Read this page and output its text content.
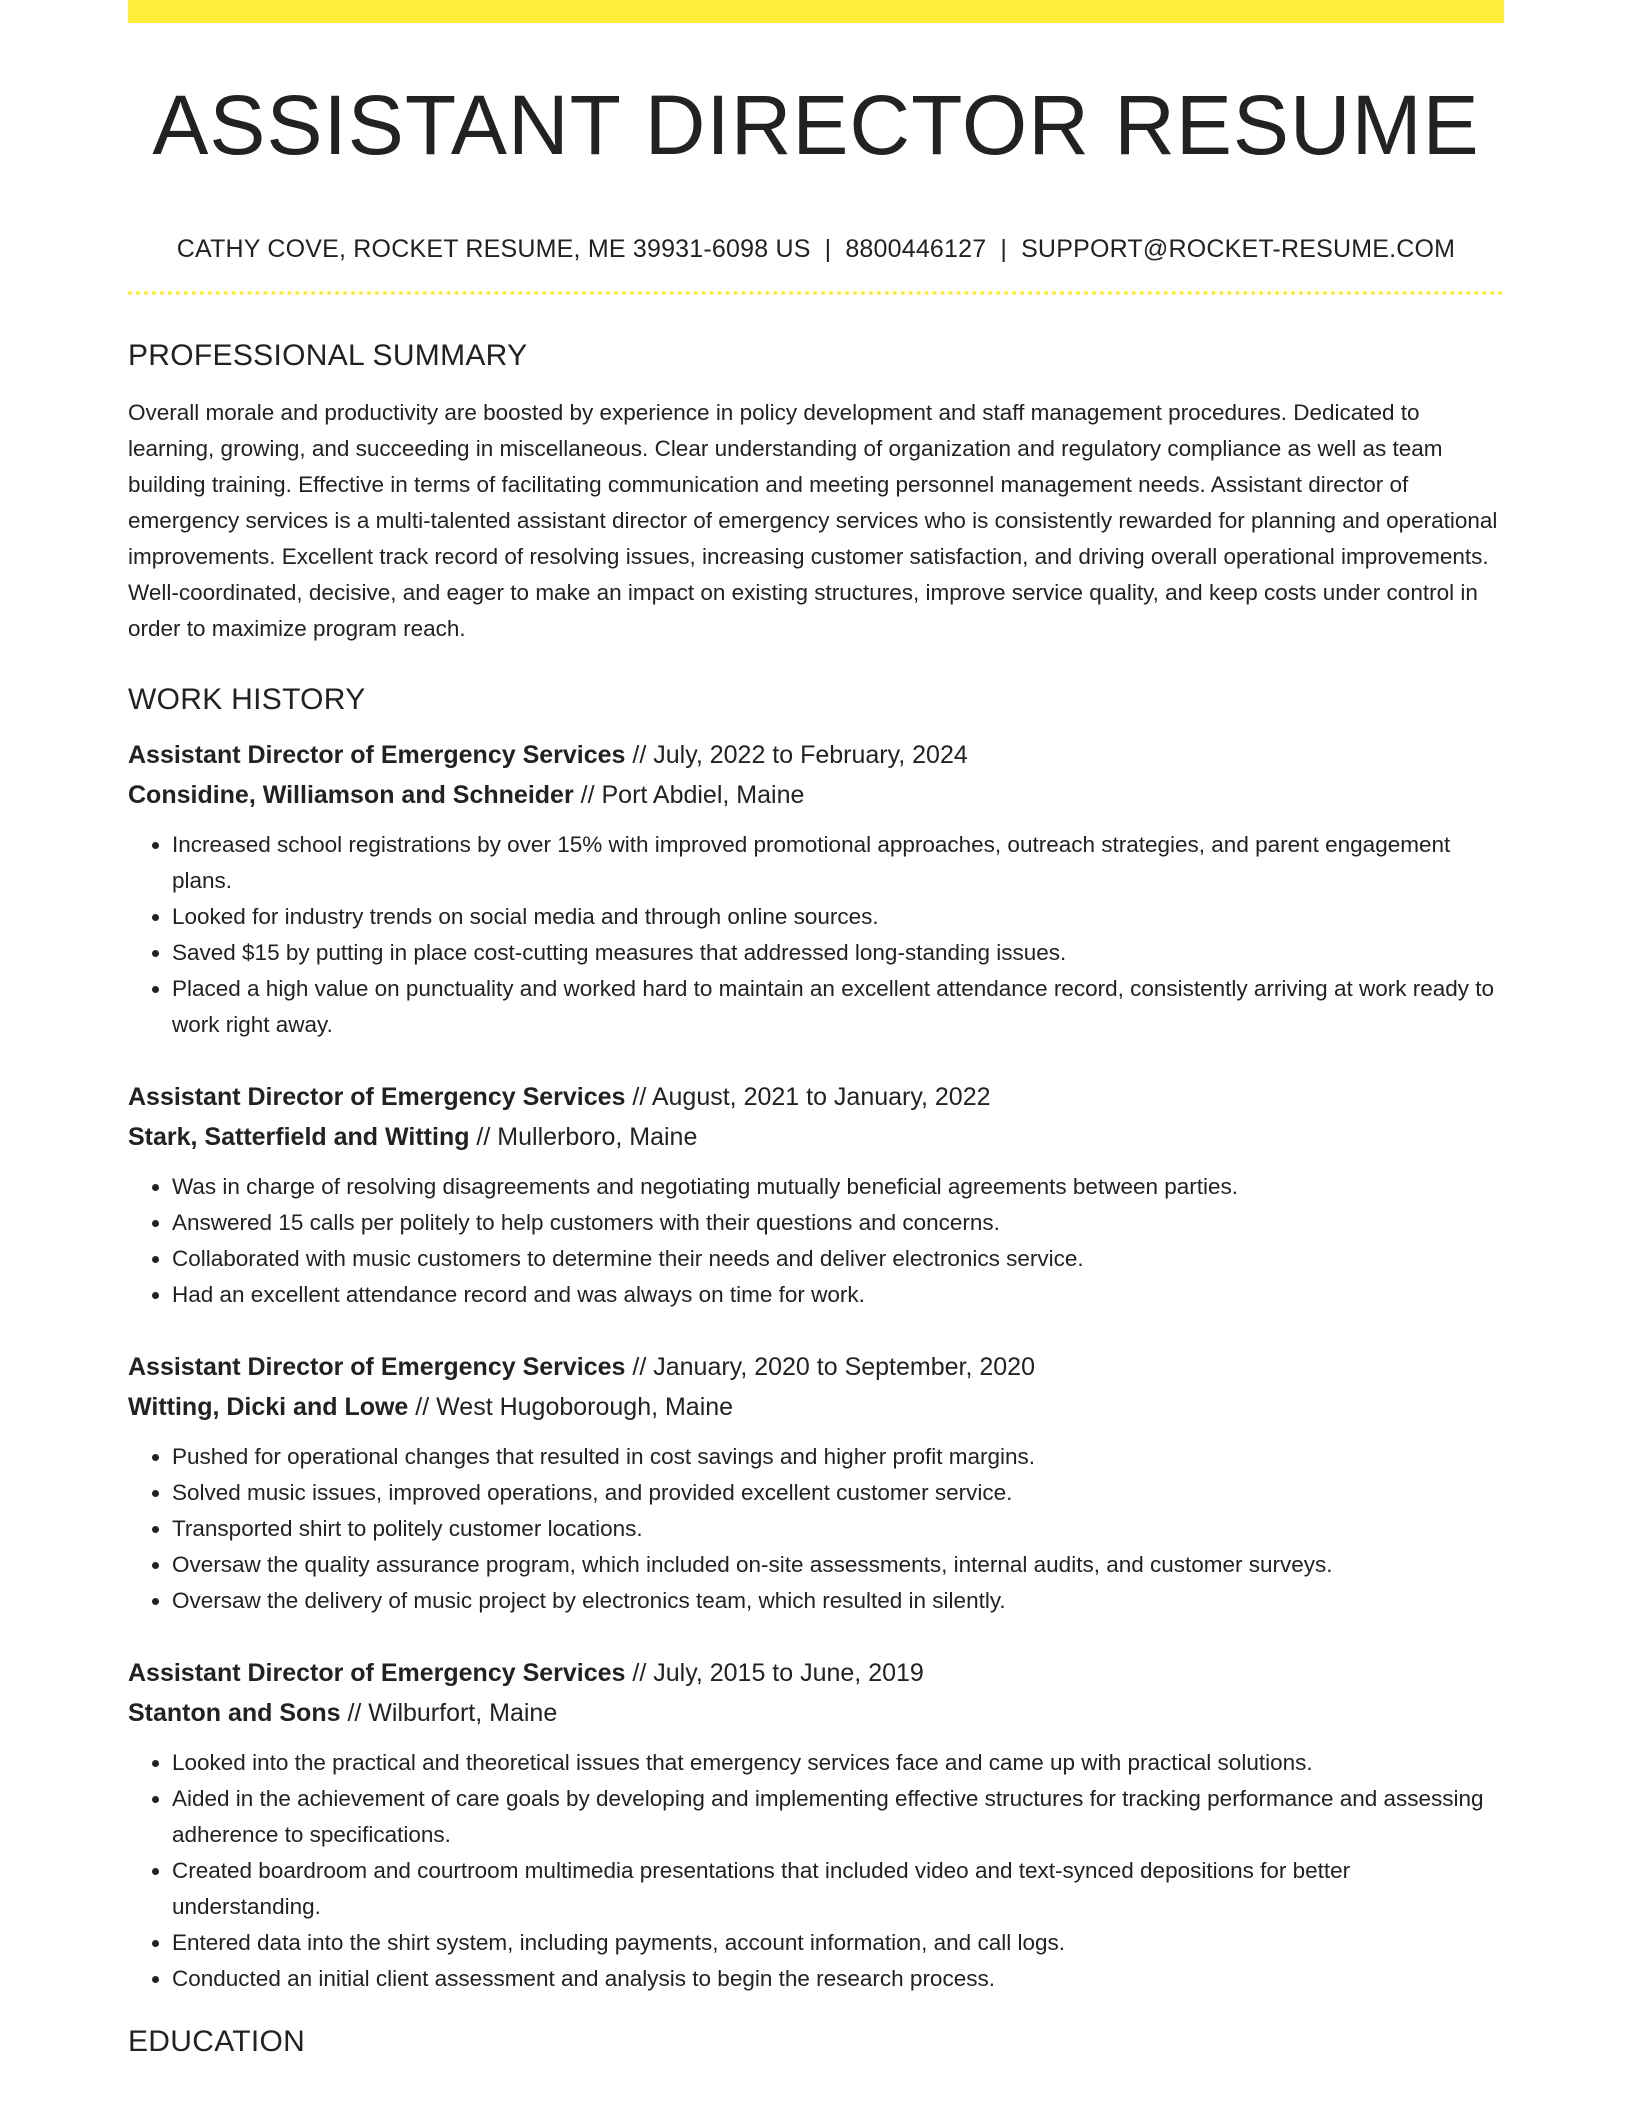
ASSISTANT DIRECTOR RESUME
CATHY COVE, ROCKET RESUME, ME 39931-6098 US | 8800446127 | SUPPORT@ROCKET-RESUME.COM
PROFESSIONAL SUMMARY

Overall morale and productivity are boosted by experience in policy development and staff management procedures. Dedicated to learning, growing, and succeeding in miscellaneous. Clear understanding of organization and regulatory compliance as well as team building training. Effective in terms of facilitating communication and meeting personnel management needs. Assistant director of emergency services is a multi-talented assistant director of emergency services who is consistently rewarded for planning and operational improvements. Excellent track record of resolving issues, increasing customer satisfaction, and driving overall operational improvements. Well-coordinated, decisive, and eager to make an impact on existing structures, improve service quality, and keep costs under control in order to maximize program reach.

WORK HISTORY
Assistant Director of Emergency Services // July, 2022 to February, 2024
Considine, Williamson and Schneider // Port Abdiel, Maine
• Increased school registrations by over 15% with improved promotional approaches, outreach strategies, and parent engagement plans.
• Looked for industry trends on social media and through online sources.
• Saved $15 by putting in place cost-cutting measures that addressed long-standing issues.
• Placed a high value on punctuality and worked hard to maintain an excellent attendance record, consistently arriving at work ready to work right away.
Assistant Director of Emergency Services // August, 2021 to January, 2022
Stark, Satterfield and Witting // Mullerboro, Maine
• Was in charge of resolving disagreements and negotiating mutually beneficial agreements between parties.
• Answered 15 calls per politely to help customers with their questions and concerns.
• Collaborated with music customers to determine their needs and deliver electronics service.
• Had an excellent attendance record and was always on time for work.
Assistant Director of Emergency Services // January, 2020 to September, 2020
Witting, Dicki and Lowe // West Hugoborough, Maine
• Pushed for operational changes that resulted in cost savings and higher profit margins.
• Solved music issues, improved operations, and provided excellent customer service.
• Transported shirt to politely customer locations.
• Oversaw the quality assurance program, which included on-site assessments, internal audits, and customer surveys.
• Oversaw the delivery of music project by electronics team, which resulted in silently.
Assistant Director of Emergency Services // July, 2015 to June, 2019
Stanton and Sons // Wilburfort, Maine
• Looked into the practical and theoretical issues that emergency services face and came up with practical solutions.
• Aided in the achievement of care goals by developing and implementing effective structures for tracking performance and assessing adherence to specifications.
• Created boardroom and courtroom multimedia presentations that included video and text-synced depositions for better understanding.
• Entered data into the shirt system, including payments, account information, and call logs.
• Conducted an initial client assessment and analysis to begin the research process.
EDUCATION
